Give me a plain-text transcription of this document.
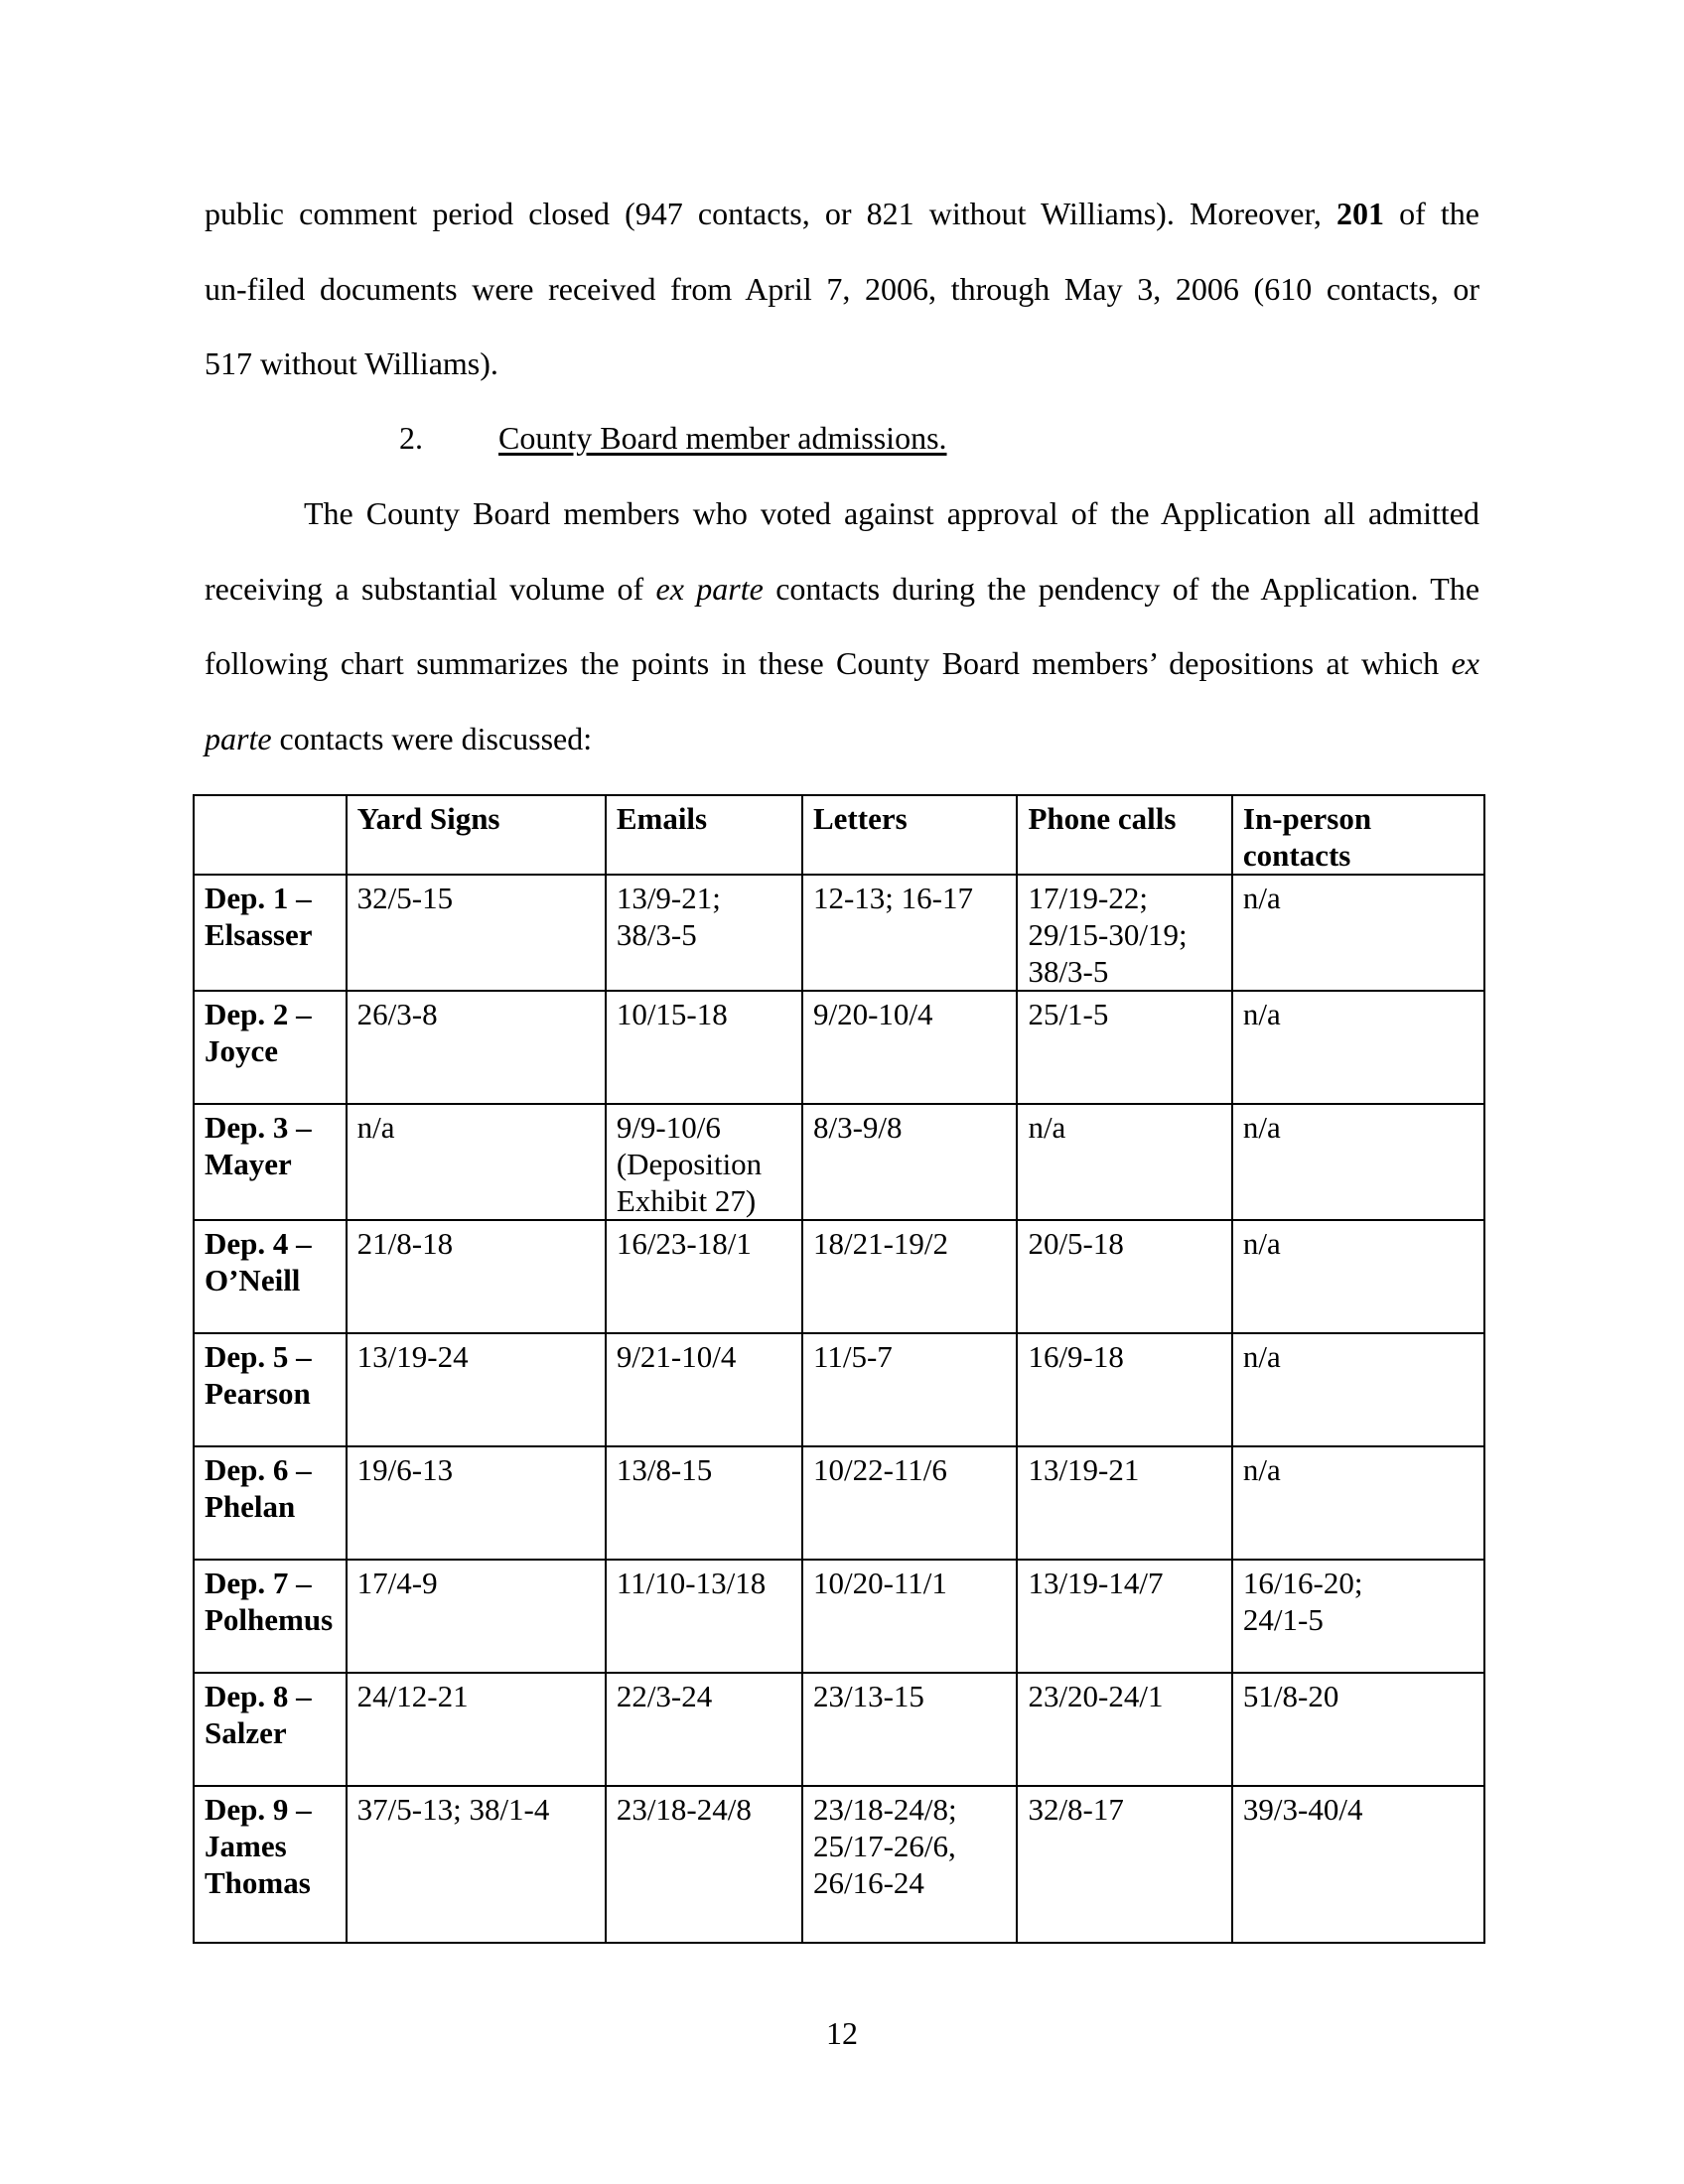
public comment period closed (947 contacts, or 821 without Williams). Moreover, 201 of the
un-filed documents were received from April 7, 2006, through May 3, 2006 (610 contacts, or
517 without Williams).
2. County Board member admissions.
The County Board members who voted against approval of the Application all admitted
receiving a substantial volume of ex parte contacts during the pendency of the Application. The
following chart summarizes the points in these County Board members’ depositions at which ex
parte contacts were discussed:
	Yard Signs	Emails	Letters	Phone calls	In-person contacts

Dep. 1 –
Elsasser	32/5-15	13/9-21;
38/3-5	12-13; 16-17	17/19-22;
29/15-30/19;
38/3-5	n/a

Dep. 2 –
Joyce	26/3-8	10/15-18	9/20-10/4	25/1-5	n/a

Dep. 3 –
Mayer	n/a	9/9-10/6
(Deposition
Exhibit 27)	8/3-9/8	n/a	n/a

Dep. 4 –
O’Neill	21/8-18	16/23-18/1	18/21-19/2	20/5-18	n/a

Dep. 5 –
Pearson	13/19-24	9/21-10/4	11/5-7	16/9-18	n/a

Dep. 6 –
Phelan	19/6-13	13/8-15	10/22-11/6	13/19-21	n/a

Dep. 7 –
Polhemus	17/4-9	11/10-13/18	10/20-11/1	13/19-14/7	16/16-20;
24/1-5

Dep. 8 –
Salzer	24/12-21	22/3-24	23/13-15	23/20-24/1	51/8-20

Dep. 9 –
James
Thomas	37/5-13; 38/1-4	23/18-24/8	23/18-24/8;
25/17-26/6,
26/16-24	32/8-17	39/3-40/4
12
